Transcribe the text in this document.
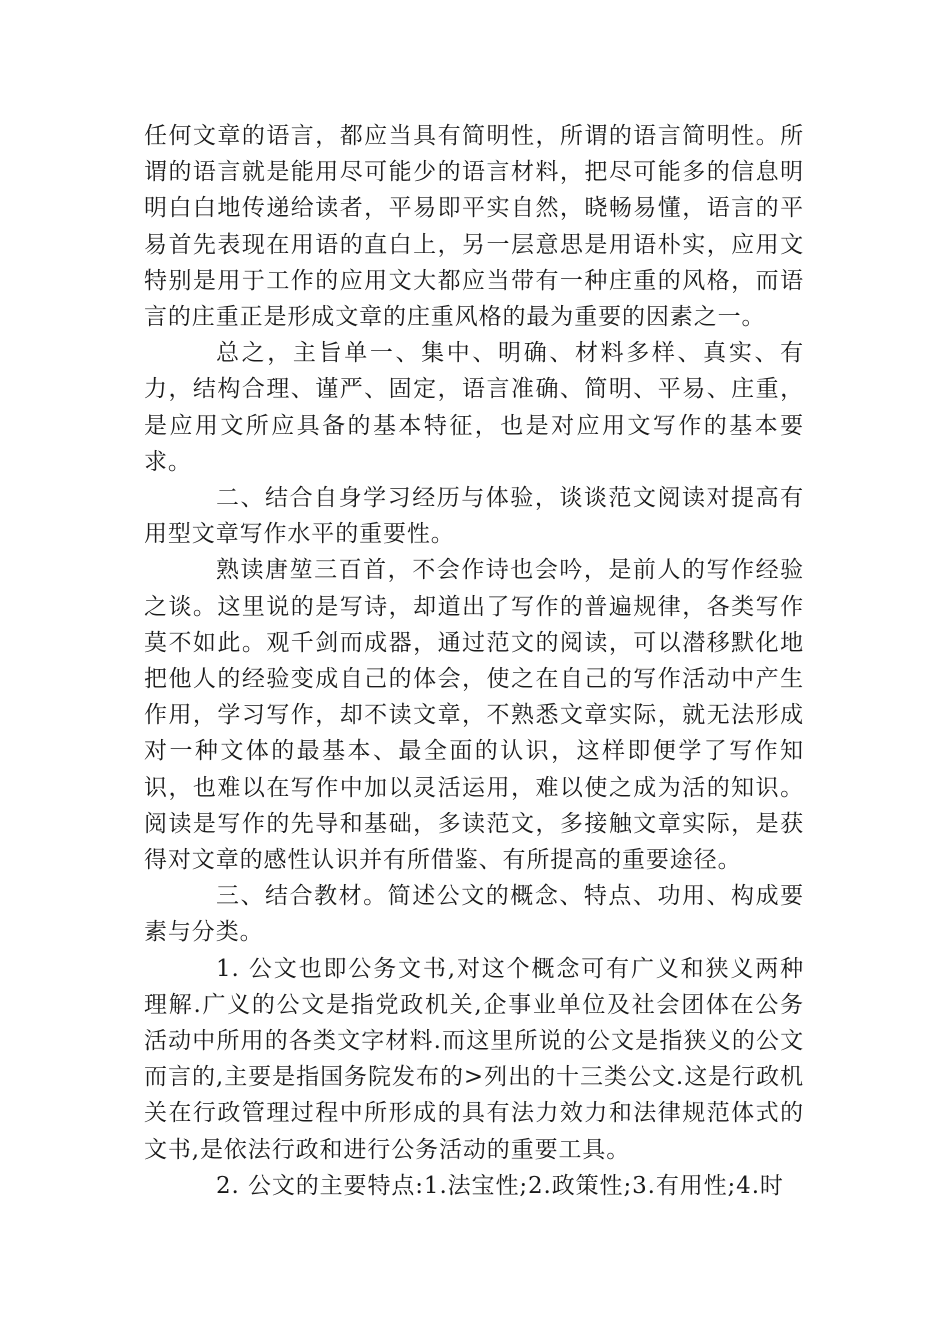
任何文章的语言，都应当具有简明性，所谓的语言简明性。所谓的语言就是能用尽可能少的语言材料，把尽可能多的信息明明白白地传递给读者，平易即平实自然，晓畅易懂，语言的平易首先表现在用语的直白上，另一层意思是用语朴实，应用文特别是用于工作的应用文大都应当带有一种庄重的风格，而语言的庄重正是形成文章的庄重风格的最为重要的因素之一。

总之，主旨单一、集中、明确、材料多样、真实、有力，结构合理、谨严、固定，语言准确、简明、平易、庄重，是应用文所应具备的基本特征，也是对应用文写作的基本要求。

二、结合自身学习经历与体验，谈谈范文阅读对提高有用型文章写作水平的重要性。

熟读唐堃三百首，不会作诗也会吟，是前人的写作经验之谈。这里说的是写诗，却道出了写作的普遍规律，各类写作莫不如此。观千剑而成器，通过范文的阅读，可以潜移默化地把他人的经验变成自己的体会，使之在自己的写作活动中产生作用，学习写作，却不读文章，不熟悉文章实际，就无法形成对一种文体的最基本、最全面的认识，这样即便学了写作知识，也难以在写作中加以灵活运用，难以使之成为活的知识。阅读是写作的先导和基础，多读范文，多接触文章实际，是获得对文章的感性认识并有所借鉴、有所提高的重要途径。

三、结合教材。简述公文的概念、特点、功用、构成要素与分类。

1. 公文也即公务文书,对这个概念可有广义和狭义两种理解.广义的公文是指党政机关,企事业单位及社会团体在公务活动中所用的各类文字材料.而这里所说的公文是指狭义的公文而言的,主要是指国务院发布的>列出的十三类公文.这是行政机关在行政管理过程中所形成的具有法力效力和法律规范体式的文书,是依法行政和进行公务活动的重要工具。

2. 公文的主要特点:1.法宝性;2.政策性;3.有用性;4.时
